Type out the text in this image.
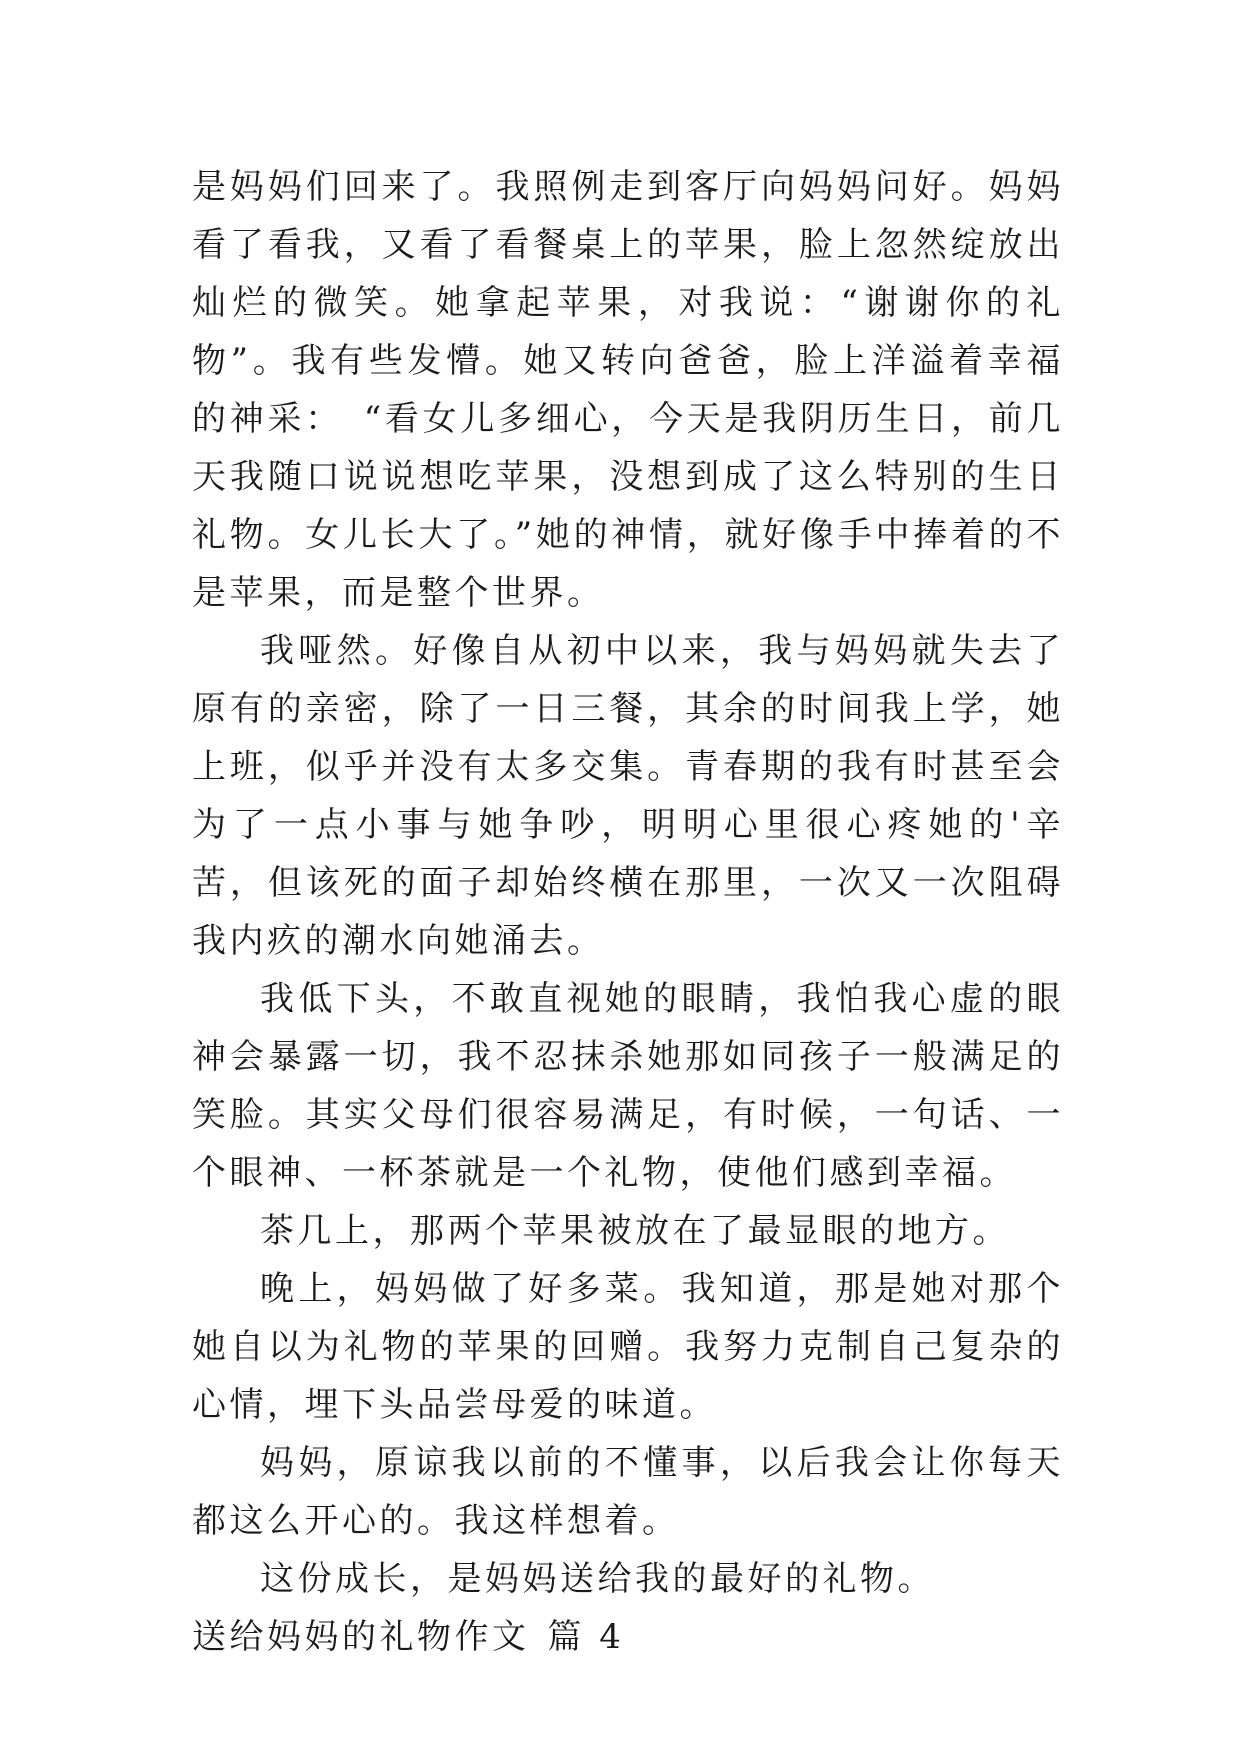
是妈妈们回来了。我照例走到客厅向妈妈问好。妈妈看了看我，又看了看餐桌上的苹果，脸上忽然绽放出灿烂的微笑。她拿起苹果，对我说：“谢谢你的礼物”。我有些发懵。她又转向爸爸，脸上洋溢着幸福的神采：　“看女儿多细心，今天是我阴历生日，前几天我随口说说想吃苹果，没想到成了这么特别的生日礼物。女儿长大了。”她的神情，就好像手中捧着的不是苹果，而是整个世界。

我哑然。好像自从初中以来，我与妈妈就失去了原有的亲密，除了一日三餐，其余的时间我上学，她上班，似乎并没有太多交集。青春期的我有时甚至会为了一点小事与她争吵，明明心里很心疼她的'辛苦，但该死的面子却始终横在那里，一次又一次阻碍我内疚的潮水向她涌去。

我低下头，不敢直视她的眼睛，我怕我心虚的眼神会暴露一切，我不忍抹杀她那如同孩子一般满足的笑脸。其实父母们很容易满足，有时候，一句话、一个眼神、一杯茶就是一个礼物，使他们感到幸福。

茶几上，那两个苹果被放在了最显眼的地方。

晚上，妈妈做了好多菜。我知道，那是她对那个她自以为礼物的苹果的回赠。我努力克制自己复杂的心情，埋下头品尝母爱的味道。

妈妈，原谅我以前的不懂事，以后我会让你每天都这么开心的。我这样想着。

这份成长，是妈妈送给我的最好的礼物。

送给妈妈的礼物作文 篇 4
